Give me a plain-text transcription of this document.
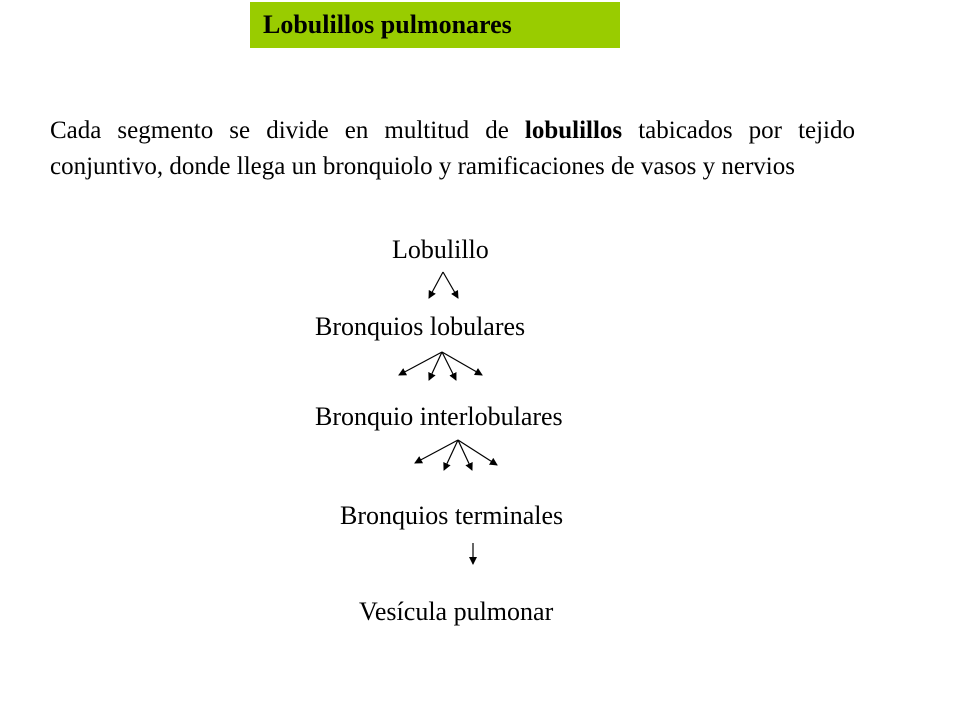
Lobulillos pulmonares

Cada segmento se divide en multitud de lobulillos tabicados por tejido conjuntivo, donde llega un bronquiolo y ramificaciones de vasos y nervios

Lobulillo
Bronquios lobulares
Bronquio interlobulares
Bronquios terminales
Vesícula pulmonar
